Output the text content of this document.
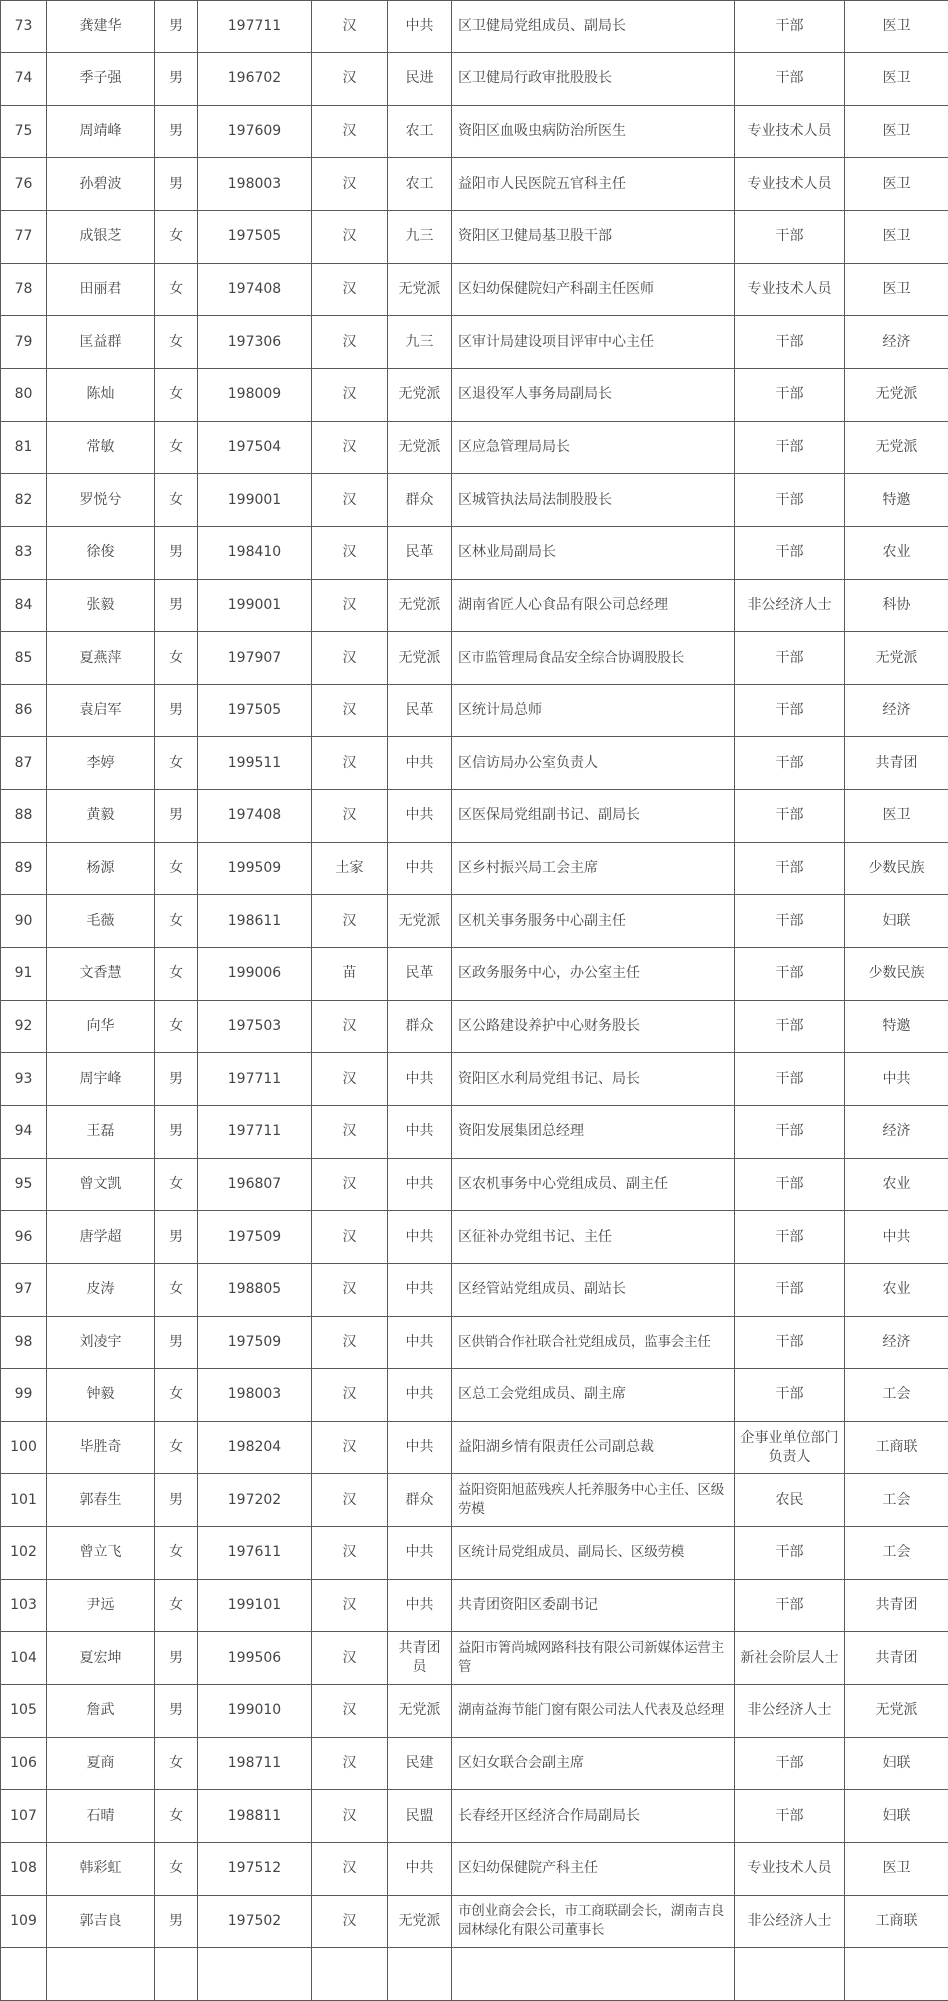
73	龚建华	男	197711	汉	中共	区卫健局党组成员、副局长	干部	医卫
74	季子强	男	196702	汉	民进	区卫健局行政审批股股长	干部	医卫
75	周靖峰	男	197609	汉	农工	资阳区血吸虫病防治所医生	专业技术人员	医卫
76	孙碧波	男	198003	汉	农工	益阳市人民医院五官科主任	专业技术人员	医卫
77	成银芝	女	197505	汉	九三	资阳区卫健局基卫股干部	干部	医卫
78	田丽君	女	197408	汉	无党派	区妇幼保健院妇产科副主任医师	专业技术人员	医卫
79	匡益群	女	197306	汉	九三	区审计局建设项目评审中心主任	干部	经济
80	陈灿	女	198009	汉	无党派	区退役军人事务局副局长	干部	无党派
81	常敏	女	197504	汉	无党派	区应急管理局局长	干部	无党派
82	罗悦兮	女	199001	汉	群众	区城管执法局法制股股长	干部	特邀
83	徐俊	男	198410	汉	民革	区林业局副局长	干部	农业
84	张毅	男	199001	汉	无党派	湖南省匠人心食品有限公司总经理	非公经济人士	科协
85	夏燕萍	女	197907	汉	无党派	区市监管理局食品安全综合协调股股长	干部	无党派
86	袁启军	男	197505	汉	民革	区统计局总师	干部	经济
87	李婷	女	199511	汉	中共	区信访局办公室负责人	干部	共青团
88	黄毅	男	197408	汉	中共	区医保局党组副书记、副局长	干部	医卫
89	杨源	女	199509	土家	中共	区乡村振兴局工会主席	干部	少数民族
90	毛薇	女	198611	汉	无党派	区机关事务服务中心副主任	干部	妇联
91	文香慧	女	199006	苗	民革	区政务服务中心，办公室主任	干部	少数民族
92	向华	女	197503	汉	群众	区公路建设养护中心财务股长	干部	特邀
93	周宇峰	男	197711	汉	中共	资阳区水利局党组书记、局长	干部	中共
94	王磊	男	197711	汉	中共	资阳发展集团总经理	干部	经济
95	曾文凯	女	196807	汉	中共	区农机事务中心党组成员、副主任	干部	农业
96	唐学超	男	197509	汉	中共	区征补办党组书记、主任	干部	中共
97	皮涛	女	198805	汉	中共	区经管站党组成员、副站长	干部	农业
98	刘凌宇	男	197509	汉	中共	区供销合作社联合社党组成员，监事会主任	干部	经济
99	钟毅	女	198003	汉	中共	区总工会党组成员、副主席	干部	工会
100	毕胜奇	女	198204	汉	中共	益阳湖乡情有限责任公司副总裁	企事业单位部门负责人	工商联
101	郭春生	男	197202	汉	群众	益阳资阳旭蓝残疾人托养服务中心主任、区级劳模	农民	工会
102	曾立飞	女	197611	汉	中共	区统计局党组成员、副局长、区级劳模	干部	工会
103	尹远	女	199101	汉	中共	共青团资阳区委副书记	干部	共青团
104	夏宏坤	男	199506	汉	共青团员	益阳市箐尚城网路科技有限公司新媒体运营主管	新社会阶层人士	共青团
105	詹武	男	199010	汉	无党派	湖南益海节能门窗有限公司法人代表及总经理	非公经济人士	无党派
106	夏商	女	198711	汉	民建	区妇女联合会副主席	干部	妇联
107	石晴	女	198811	汉	民盟	长春经开区经济合作局副局长	干部	妇联
108	韩彩虹	女	197512	汉	中共	区妇幼保健院产科主任	专业技术人员	医卫
109	郭吉良	男	197502	汉	无党派	市创业商会会长，市工商联副会长，湖南吉良园林绿化有限公司董事长	非公经济人士	工商联
